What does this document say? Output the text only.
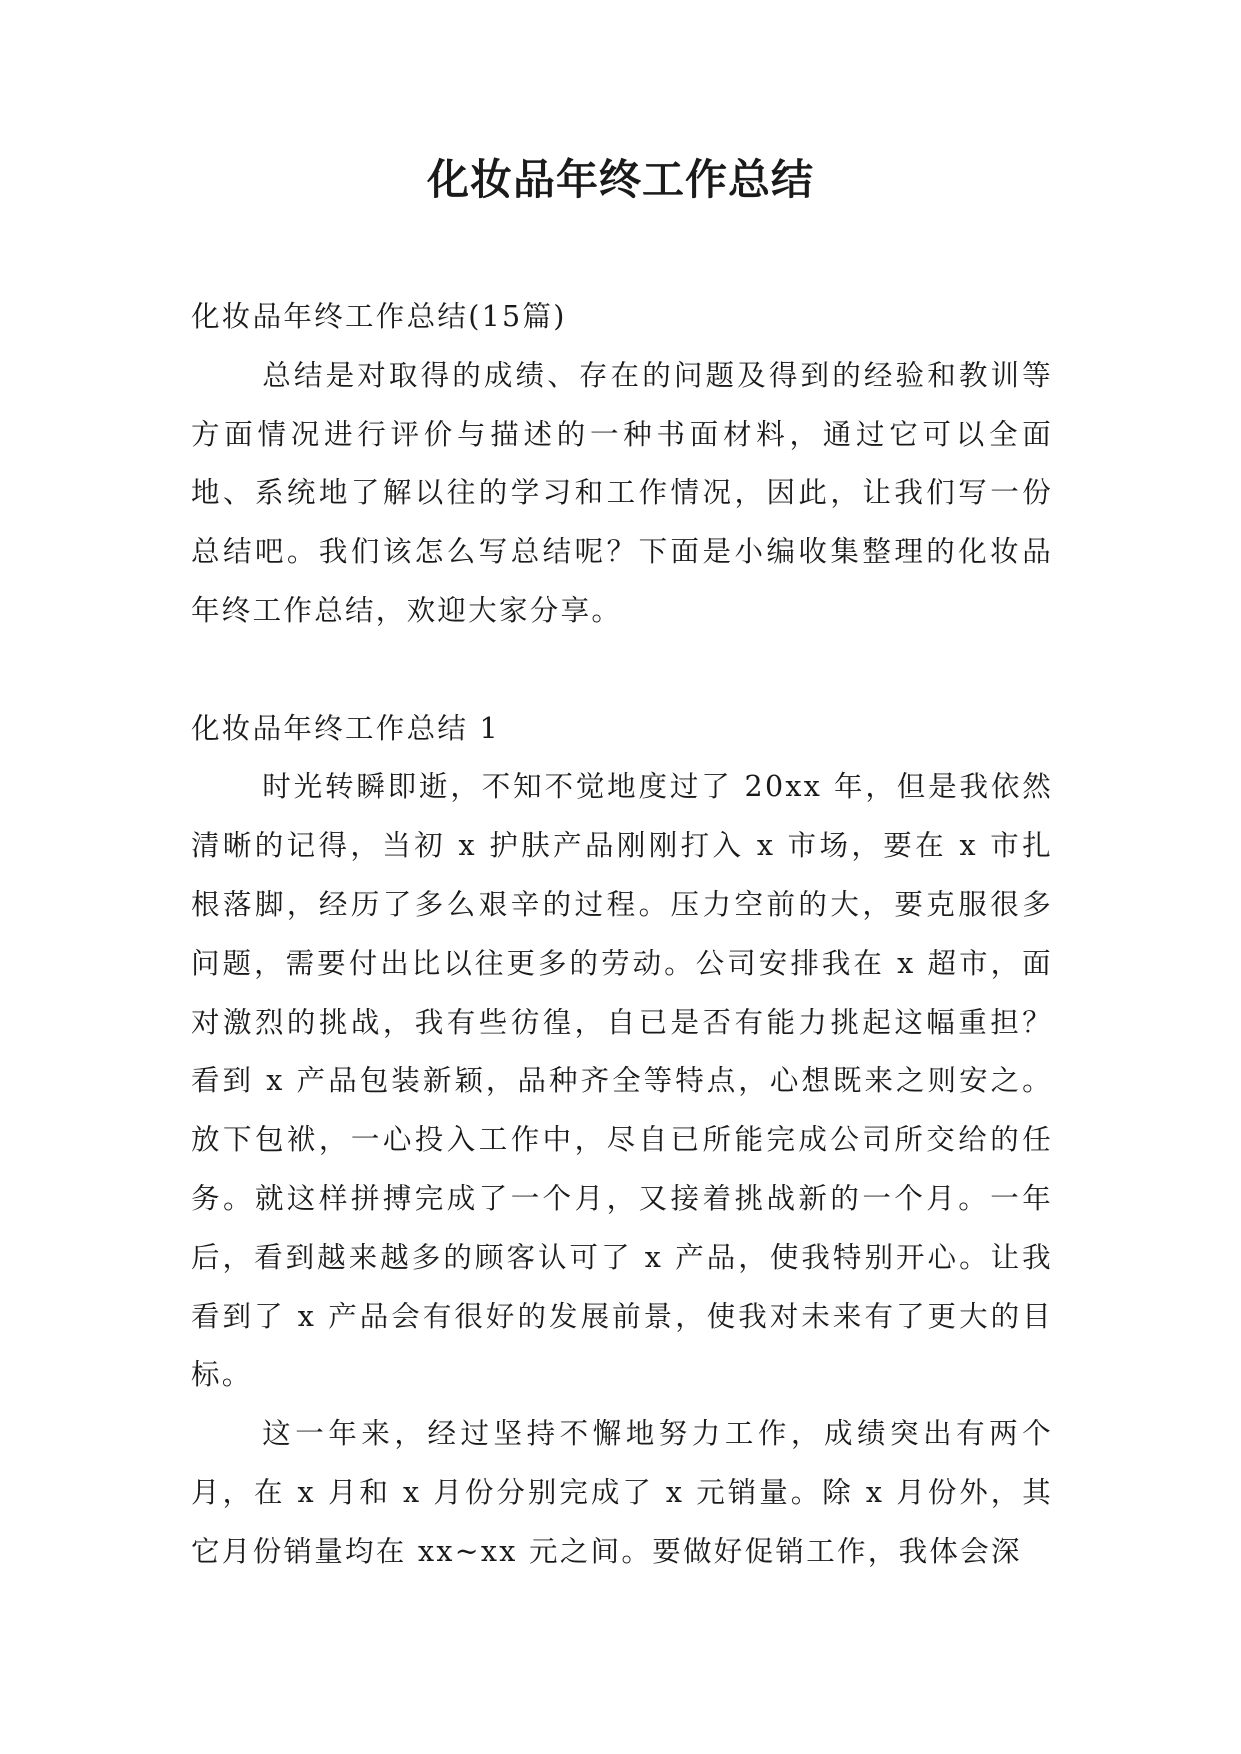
化妆品年终工作总结

化妆品年终工作总结(15篇)

总结是对取得的成绩、存在的问题及得到的经验和教训等方面情况进行评价与描述的一种书面材料，通过它可以全面地、系统地了解以往的学习和工作情况，因此，让我们写一份总结吧。我们该怎么写总结呢？下面是小编收集整理的化妆品年终工作总结，欢迎大家分享。

化妆品年终工作总结 1

时光转瞬即逝，不知不觉地度过了 20xx 年，但是我依然清晰的记得，当初 x 护肤产品刚刚打入 x 市场，要在 x 市扎根落脚，经历了多么艰辛的过程。压力空前的大，要克服很多问题，需要付出比以往更多的劳动。公司安排我在 x 超市，面对激烈的挑战，我有些彷徨，自已是否有能力挑起这幅重担？看到 x 产品包装新颖，品种齐全等特点，心想既来之则安之。放下包袱，一心投入工作中，尽自已所能完成公司所交给的任务。就这样拼搏完成了一个月，又接着挑战新的一个月。一年后，看到越来越多的顾客认可了 x 产品，使我特别开心。让我看到了 x 产品会有很好的发展前景，使我对未来有了更大的目标。

这一年来，经过坚持不懈地努力工作，成绩突出有两个月，在 x 月和 x 月份分别完成了 x 元销量。除 x 月份外，其它月份销量均在 xx~xx 元之间。要做好促销工作，我体会深
